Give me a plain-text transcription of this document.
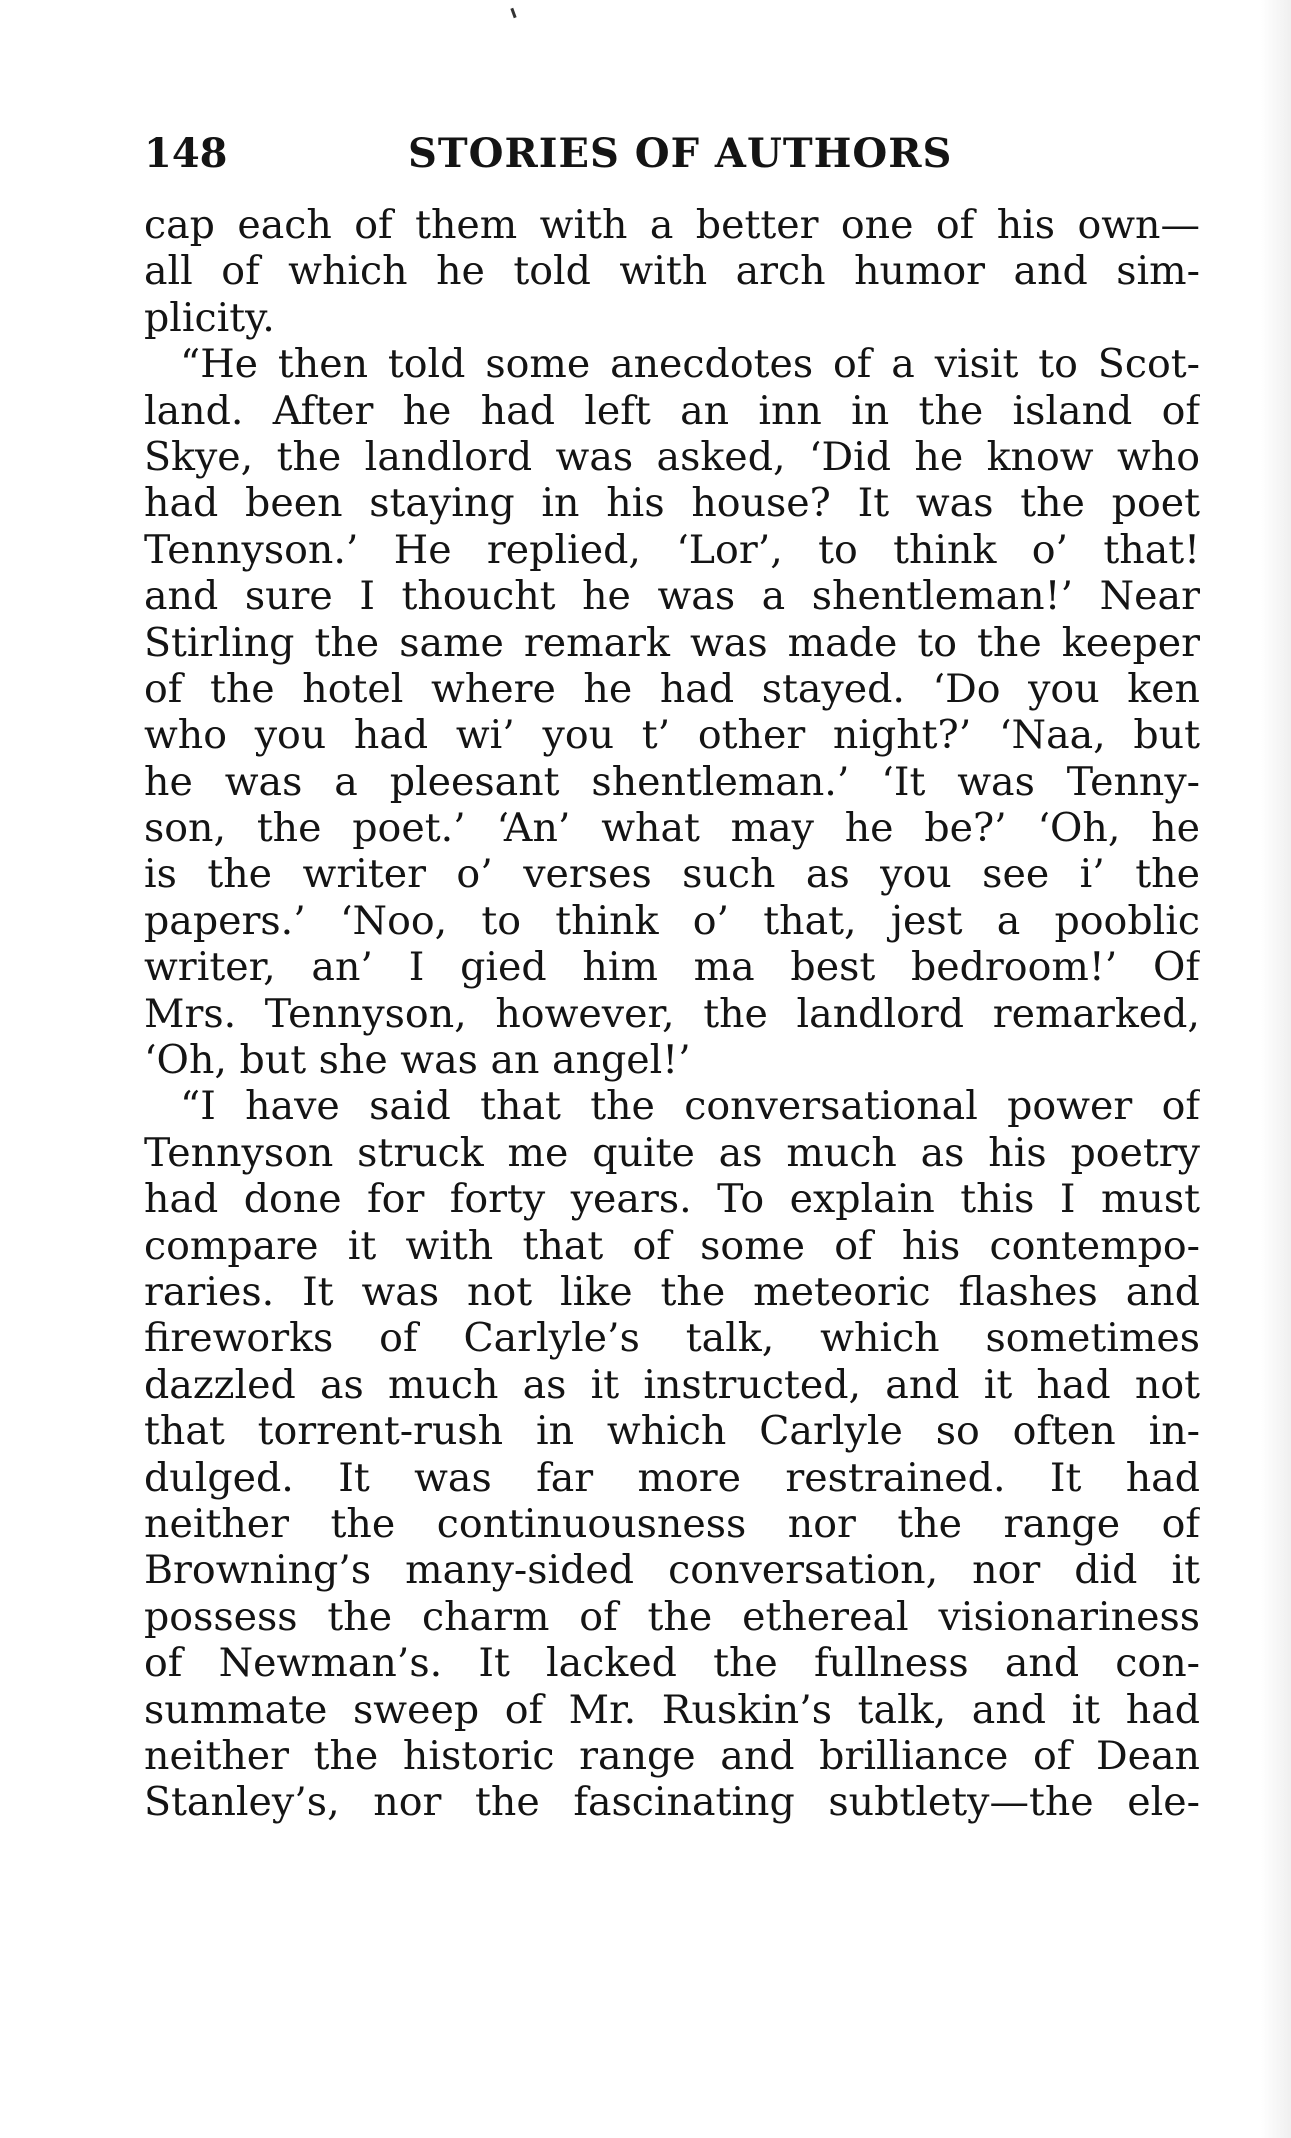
148	STORIES OF AUTHORS
cap each of them with a better one of his own—
all of which he told with arch humor and sim-
plicity.
“He then told some anecdotes of a visit to Scot-
land. After he had left an inn in the island of
Skye, the landlord was asked, ‘Did he know who
had been staying in his house? It was the poet
Tennyson.’ He replied, ‘Lor’, to think o’ that!
and sure I thoucht he was a shentleman!’ Near
Stirling the same remark was made to the keeper
of the hotel where he had stayed. ‘Do you ken
who you had wi’ you t’ other night?’ ‘Naa, but
he was a pleesant shentleman.’ ‘It was Tenny-
son, the poet.’ ‘An’ what may he be?’ ‘Oh, he
is the writer o’ verses such as you see i’ the
papers.’ ‘Noo, to think o’ that, jest a pooblic
writer, an’ I gied him ma best bedroom!’ Of
Mrs. Tennyson, however, the landlord remarked,
‘Oh, but she was an angel!’
“I have said that the conversational power of
Tennyson struck me quite as much as his poetry
had done for forty years. To explain this I must
compare it with that of some of his contempo-
raries. It was not like the meteoric flashes and
fireworks of Carlyle’s talk, which sometimes
dazzled as much as it instructed, and it had not
that torrent-rush in which Carlyle so often in-
dulged. It was far more restrained. It had
neither the continuousness nor the range of
Browning’s many-sided conversation, nor did it
possess the charm of the ethereal visionariness
of Newman’s. It lacked the fullness and con-
summate sweep of Mr. Ruskin’s talk, and it had
neither the historic range and brilliance of Dean
Stanley’s, nor the fascinating subtlety—the ele-
